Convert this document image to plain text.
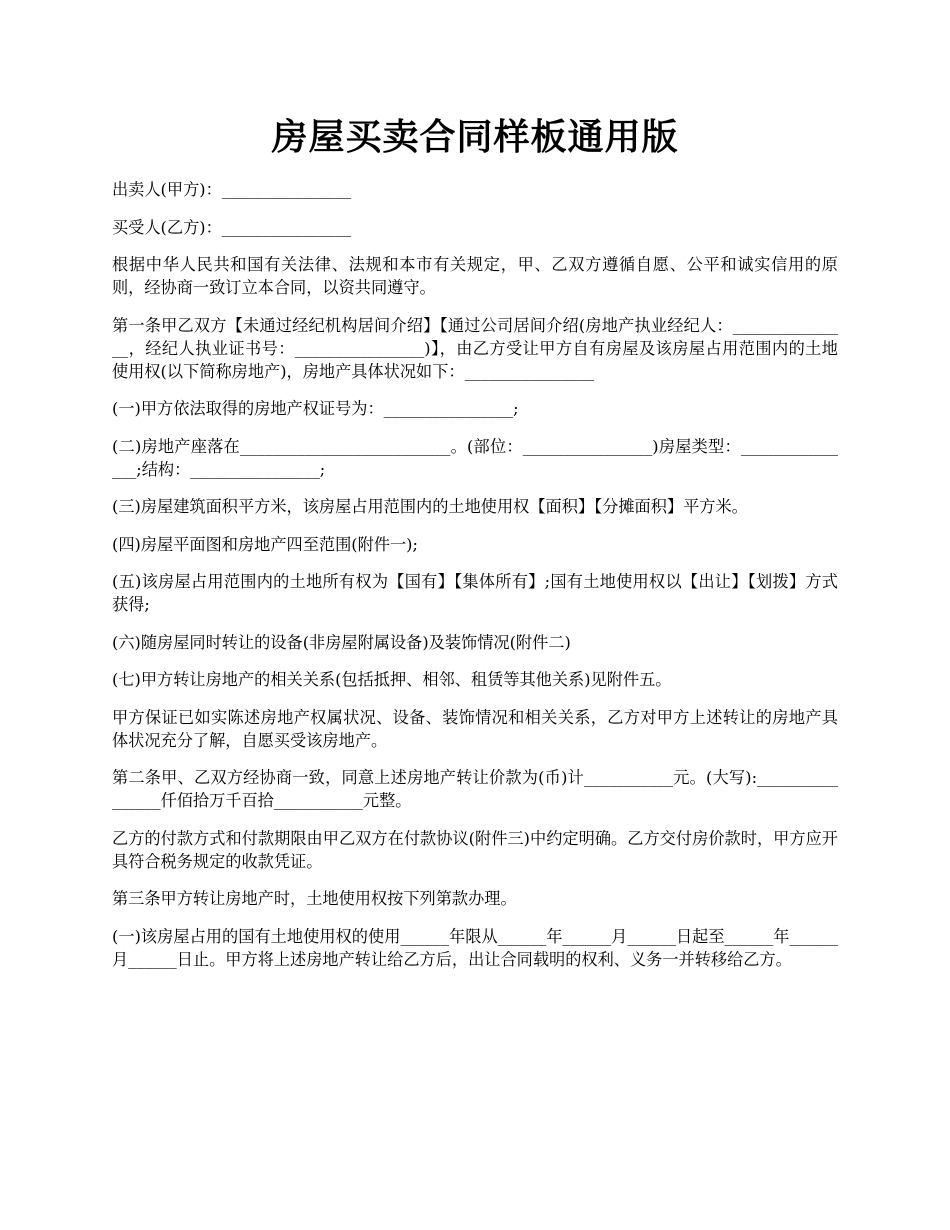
房屋买卖合同样板通用版

出卖人(甲方)：________________

买受人(乙方)：________________

根据中华人民共和国有关法律、法规和本市有关规定，甲、乙双方遵循自愿、公平和诚实信用的原则，经协商一致订立本合同，以资共同遵守。

第一条甲乙双方【未通过经纪机构居间介绍】【通过公司居间介绍(房地产执业经纪人：_______________，经纪人执业证书号：________________)】，由乙方受让甲方自有房屋及该房屋占用范围内的土地使用权(以下简称房地产)，房地产具体状况如下：________________

(一)甲方依法取得的房地产权证号为：________________;

(二)房地产座落在__________________________。(部位：________________)房屋类型：_______________;结构：________________;

(三)房屋建筑面积平方米，该房屋占用范围内的土地使用权【面积】【分摊面积】平方米。

(四)房屋平面图和房地产四至范围(附件一);

(五)该房屋占用范围内的土地所有权为【国有】【集体所有】;国有土地使用权以【出让】【划拨】方式获得;

(六)随房屋同时转让的设备(非房屋附属设备)及装饰情况(附件二)

(七)甲方转让房地产的相关关系(包括抵押、相邻、租赁等其他关系)见附件五。

甲方保证已如实陈述房地产权属状况、设备、装饰情况和相关关系，乙方对甲方上述转让的房地产具体状况充分了解，自愿买受该房地产。

第二条甲、乙双方经协商一致，同意上述房地产转让价款为(币)计___________元。(大写):________________仟佰拾万千百拾___________元整。

乙方的付款方式和付款期限由甲乙双方在付款协议(附件三)中约定明确。乙方交付房价款时，甲方应开具符合税务规定的收款凭证。

第三条甲方转让房地产时，土地使用权按下列第款办理。

(一)该房屋占用的国有土地使用权的使用______年限从______年______月______日起至______年______月______日止。甲方将上述房地产转让给乙方后，出让合同载明的权利、义务一并转移给乙方。
